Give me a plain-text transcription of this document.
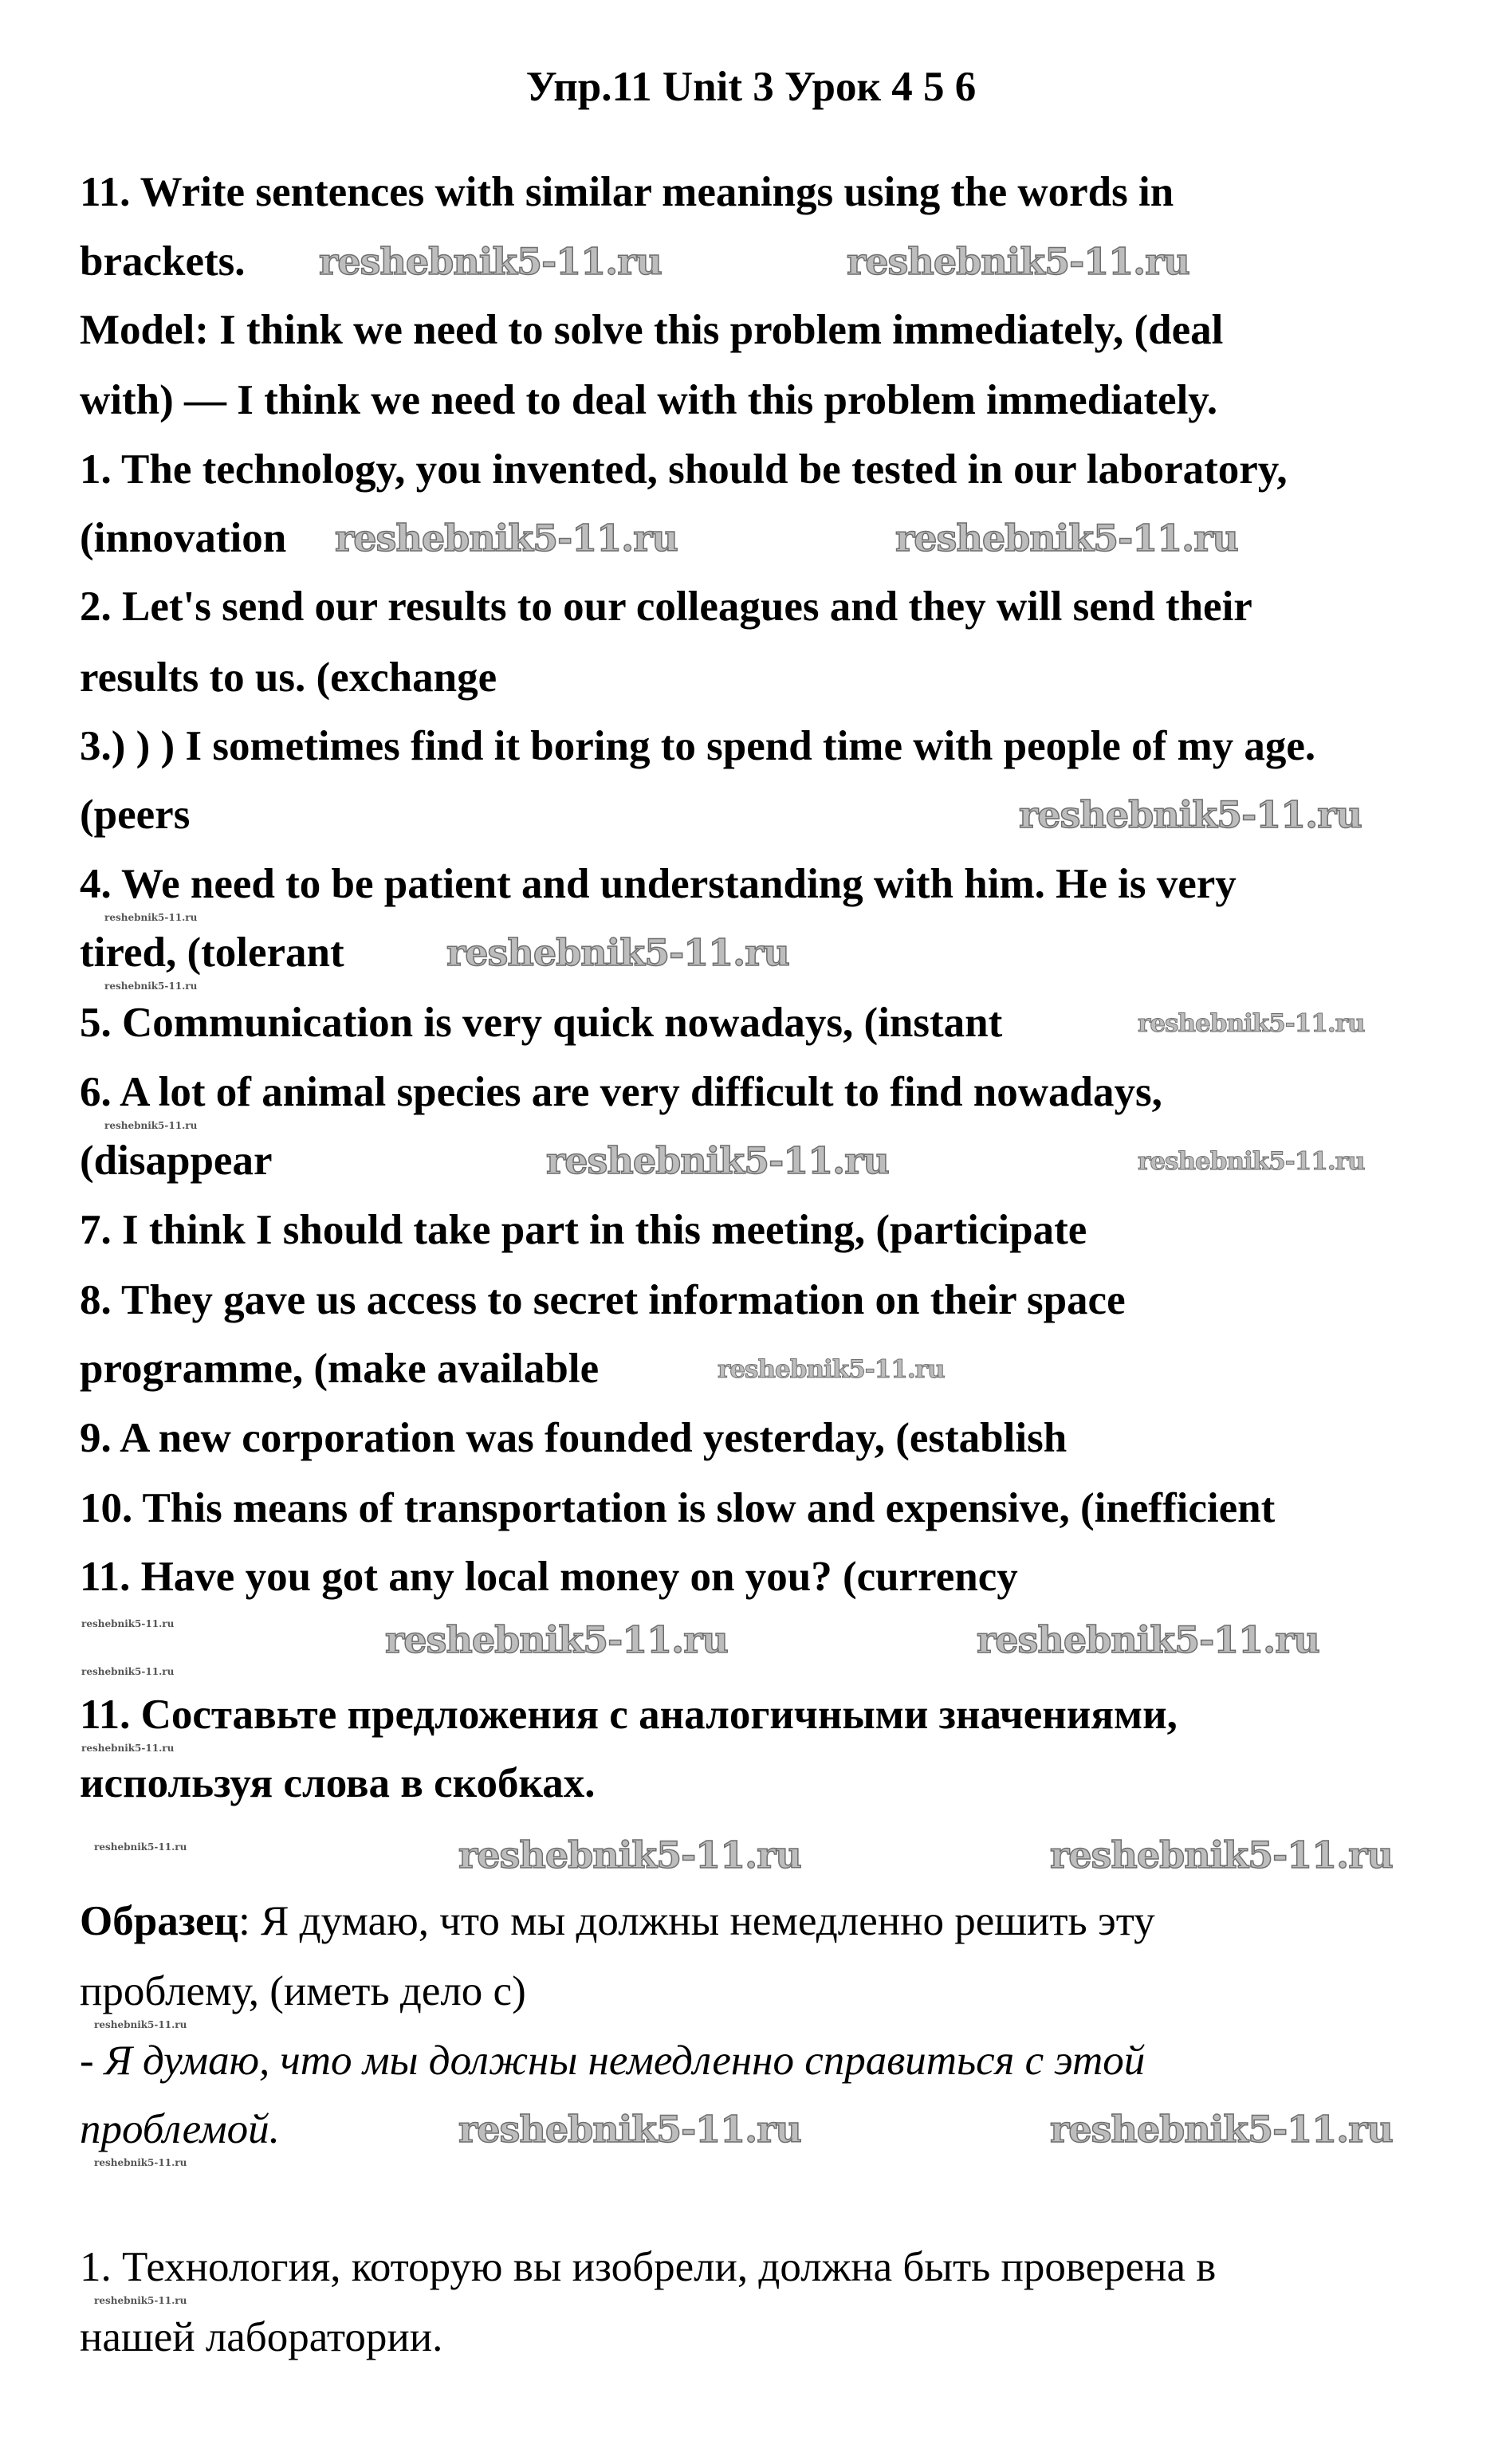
Упр.11 Unit 3 Урок 4 5 6
11. Write sentences with similar meanings using the words in
brackets.
Model: I think we need to solve this problem immediately, (deal
with) — I think we need to deal with this problem immediately.
1. The technology, you invented, should be tested in our laboratory,
(innovation
2. Let's send our results to our colleagues and they will send their
results to us. (exchange
3.) ) ) I sometimes find it boring to spend time with people of my age.
(peers
4. We need to be patient and understanding with him. He is very
tired, (tolerant
5. Communication is very quick nowadays, (instant
6. A lot of animal species are very difficult to find nowadays,
(disappear
7. I think I should take part in this meeting, (participate
8. They gave us access to secret information on their space
programme, (make available
9. A new corporation was founded yesterday, (establish
10. This means of transportation is slow and expensive, (inefficient
11. Have you got any local money on you? (currency
11. Составьте предложения с аналогичными значениями,
используя слова в скобках.
Образец: Я думаю, что мы должны немедленно решить эту
проблему, (иметь дело с)
- Я думаю, что мы должны немедленно справиться с этой
проблемой.
1. Технология, которую вы изобрели, должна быть проверена в
нашей лаборатории.
reshebnik5-11.ru	reshebnik5-11.ru
reshebnik5-11.ru	reshebnik5-11.ru
reshebnik5-11.ru
reshebnik5-11.ru
reshebnik5-11.ru
reshebnik5-11.ru	reshebnik5-11.ru
reshebnik5-11.ru
reshebnik5-11.ru	reshebnik5-11.ru
reshebnik5-11.ru	reshebnik5-11.ru
reshebnik5-11.ru	reshebnik5-11.ru
reshebnik5-11.ru
reshebnik5-11.ru
reshebnik5-11.ru
reshebnik5-11.ru
reshebnik5-11.ru
reshebnik5-11.ru
reshebnik5-11.ru
reshebnik5-11.ru
reshebnik5-11.ru
reshebnik5-11.ru
